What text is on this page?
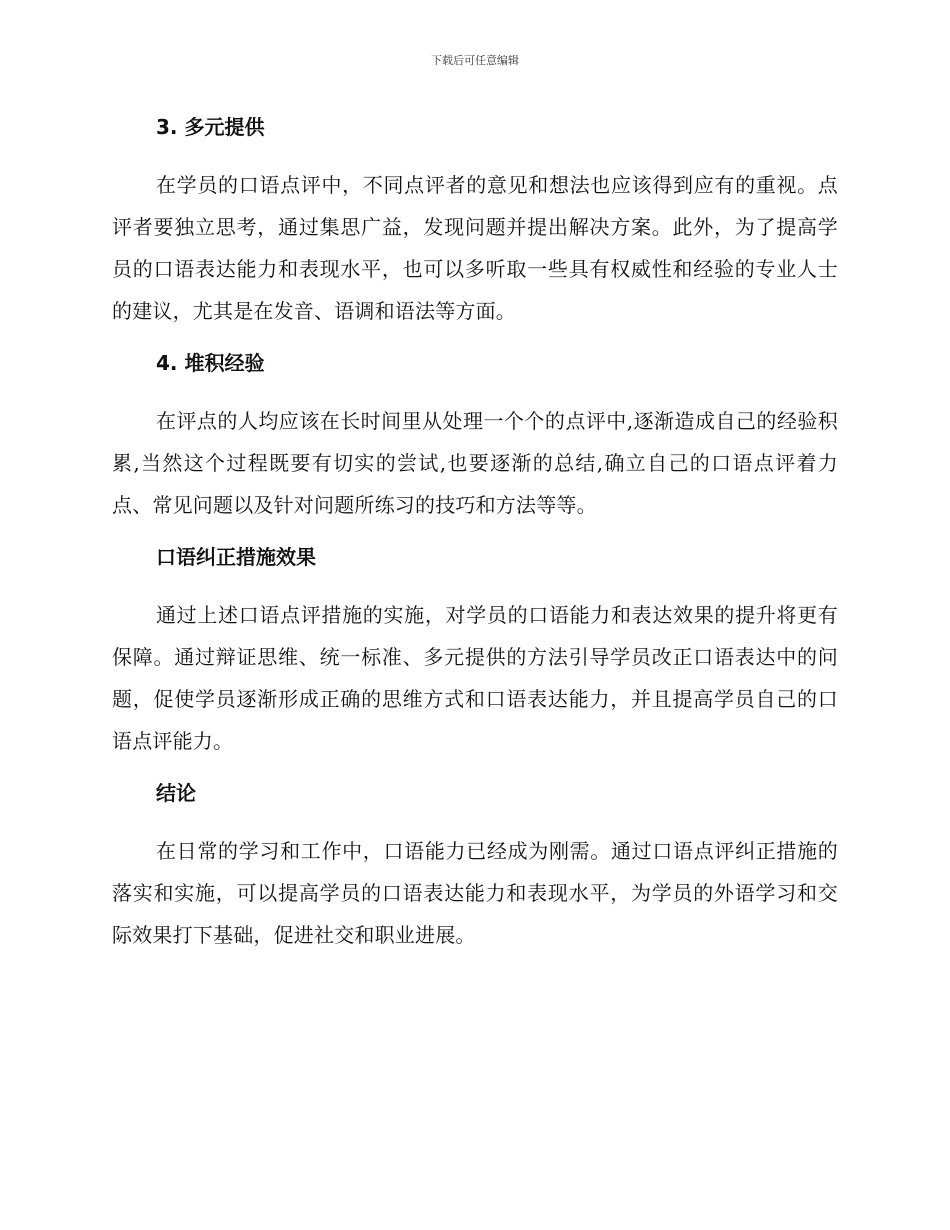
下载后可任意编辑
3. 多元提供

在学员的口语点评中，不同点评者的意见和想法也应该得到应有的重视。点评者要独立思考，通过集思广益，发现问题并提出解决方案。此外，为了提高学员的口语表达能力和表现水平，也可以多听取一些具有权威性和经验的专业人士的建议，尤其是在发音、语调和语法等方面。

4. 堆积经验

在评点的人均应该在长时间里从处理一个个的点评中,逐渐造成自己的经验积累,当然这个过程既要有切实的尝试,也要逐渐的总结,确立自己的口语点评着力点、常见问题以及针对问题所练习的技巧和方法等等。

口语纠正措施效果

通过上述口语点评措施的实施，对学员的口语能力和表达效果的提升将更有保障。通过辩证思维、统一标准、多元提供的方法引导学员改正口语表达中的问题，促使学员逐渐形成正确的思维方式和口语表达能力，并且提高学员自己的口语点评能力。

结论

在日常的学习和工作中，口语能力已经成为刚需。通过口语点评纠正措施的落实和实施，可以提高学员的口语表达能力和表现水平，为学员的外语学习和交际效果打下基础，促进社交和职业进展。
